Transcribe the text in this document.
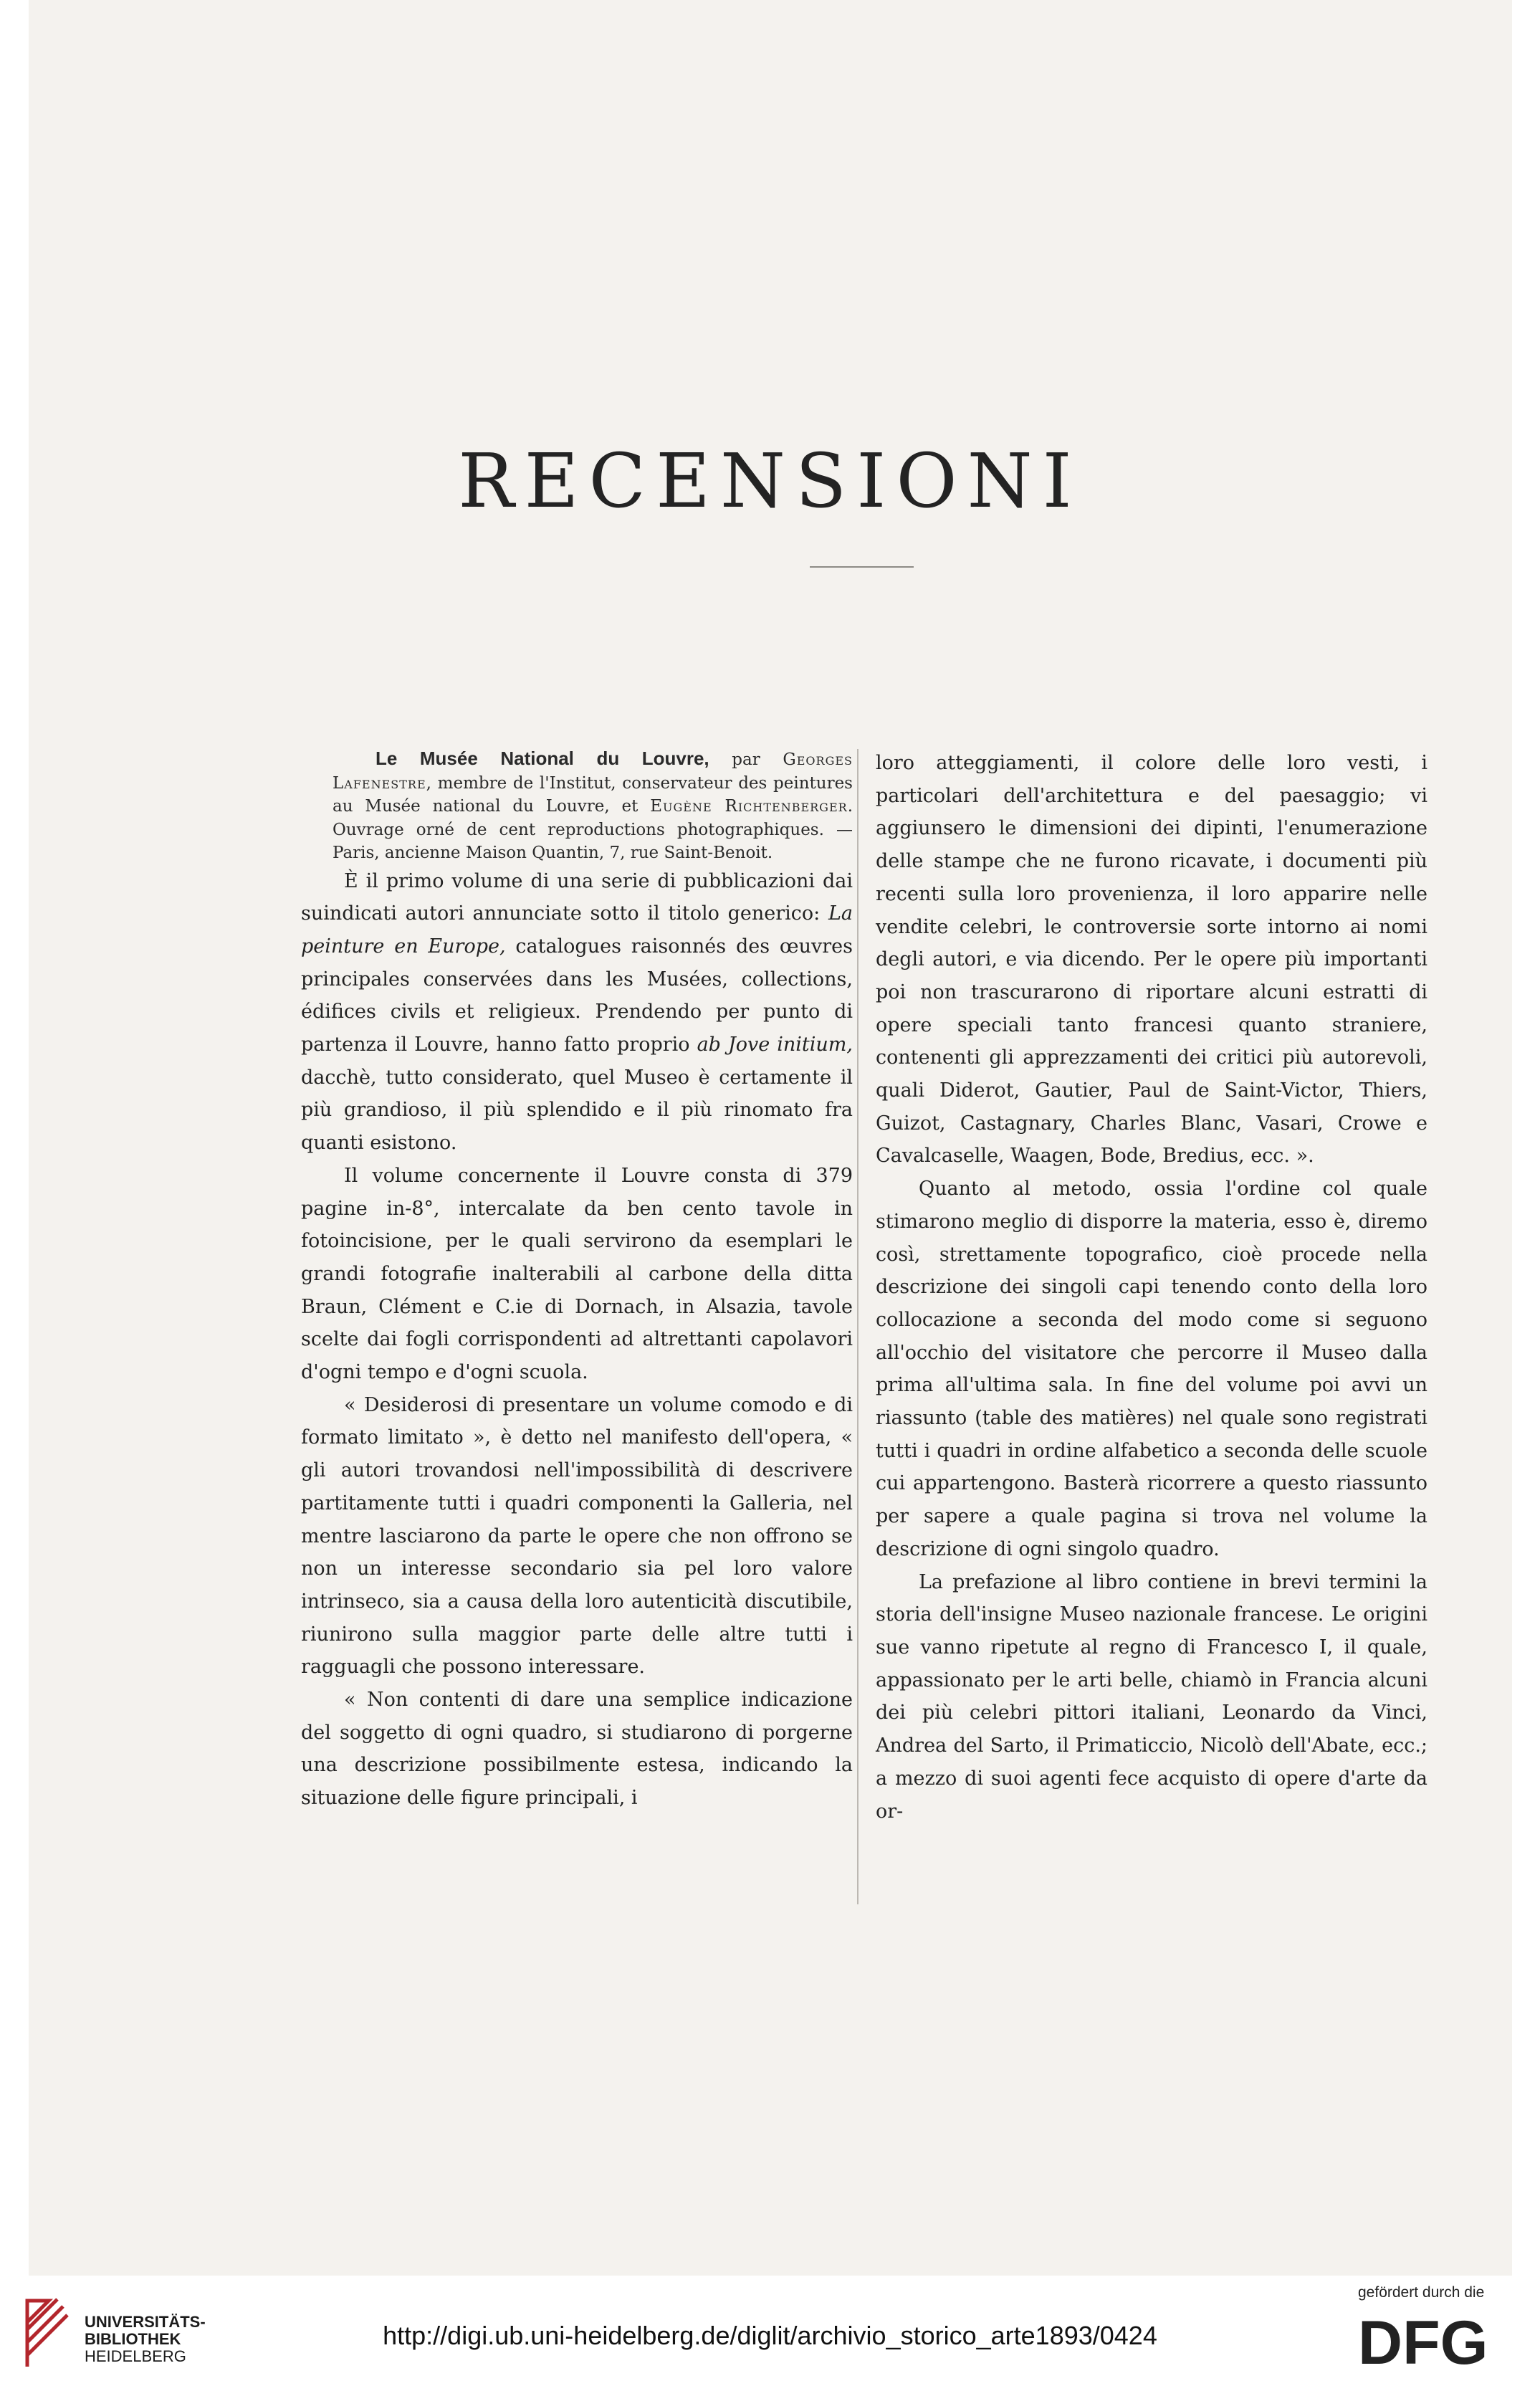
RECENSIONI

Le Musée National du Louvre, par Georges Lafenestre, membre de l'Institut, conservateur des peintures au Musée national du Louvre, et Eugène Richtenberger. Ouvrage orné de cent reproductions photographiques. — Paris, ancienne Maison Quantin, 7, rue Saint-Benoit.

È il primo volume di una serie di pubblicazioni dai suindicati autori annunciate sotto il titolo generico: La peinture en Europe, catalogues raisonnés des œuvres principales conservées dans les Musées, collections, édifices civils et religieux. Prendendo per punto di partenza il Louvre, hanno fatto proprio ab Jove initium, dacchè, tutto considerato, quel Museo è certamente il più grandioso, il più splendido e il più rinomato fra quanti esistono.

Il volume concernente il Louvre consta di 379 pagine in-8°, intercalate da ben cento tavole in fotoincisione, per le quali servirono da esemplari le grandi fotografie inalterabili al carbone della ditta Braun, Clément e C.ie di Dornach, in Alsazia, tavole scelte dai fogli corrispondenti ad altrettanti capolavori d'ogni tempo e d'ogni scuola.

« Desiderosi di presentare un volume comodo e di formato limitato », è detto nel manifesto dell'opera, « gli autori trovandosi nell'impossibilità di descrivere partitamente tutti i quadri componenti la Galleria, nel mentre lasciarono da parte le opere che non offrono se non un interesse secondario sia pel loro valore intrinseco, sia a causa della loro autenticità discutibile, riunirono sulla maggior parte delle altre tutti i ragguagli che possono interessare.

« Non contenti di dare una semplice indicazione del soggetto di ogni quadro, si studiarono di porgerne una descrizione possibilmente estesa, indicando la situazione delle figure principali, i

loro atteggiamenti, il colore delle loro vesti, i particolari dell'architettura e del paesaggio; vi aggiunsero le dimensioni dei dipinti, l'enumerazione delle stampe che ne furono ricavate, i documenti più recenti sulla loro provenienza, il loro apparire nelle vendite celebri, le controversie sorte intorno ai nomi degli autori, e via dicendo. Per le opere più importanti poi non trascurarono di riportare alcuni estratti di opere speciali tanto francesi quanto straniere, contenenti gli apprezzamenti dei critici più autorevoli, quali Diderot, Gautier, Paul de Saint-Victor, Thiers, Guizot, Castagnary, Charles Blanc, Vasari, Crowe e Cavalcaselle, Waagen, Bode, Bredius, ecc. ».

Quanto al metodo, ossia l'ordine col quale stimarono meglio di disporre la materia, esso è, diremo così, strettamente topografico, cioè procede nella descrizione dei singoli capi tenendo conto della loro collocazione a seconda del modo come si seguono all'occhio del visitatore che percorre il Museo dalla prima all'ultima sala. In fine del volume poi avvi un riassunto (table des matières) nel quale sono registrati tutti i quadri in ordine alfabetico a seconda delle scuole cui appartengono. Basterà ricorrere a questo riassunto per sapere a quale pagina si trova nel volume la descrizione di ogni singolo quadro.

La prefazione al libro contiene in brevi termini la storia dell'insigne Museo nazionale francese. Le origini sue vanno ripetute al regno di Francesco I, il quale, appassionato per le arti belle, chiamò in Francia alcuni dei più celebri pittori italiani, Leonardo da Vinci, Andrea del Sarto, il Primaticcio, Nicolò dell'Abate, ecc.; a mezzo di suoi agenti fece acquisto di opere d'arte da or-

UNIVERSITÄTS-
BIBLIOTHEK
HEIDELBERG
http://digi.ub.uni-heidelberg.de/diglit/archivio_storico_arte1893/0424
gefördert durch die
DFG
